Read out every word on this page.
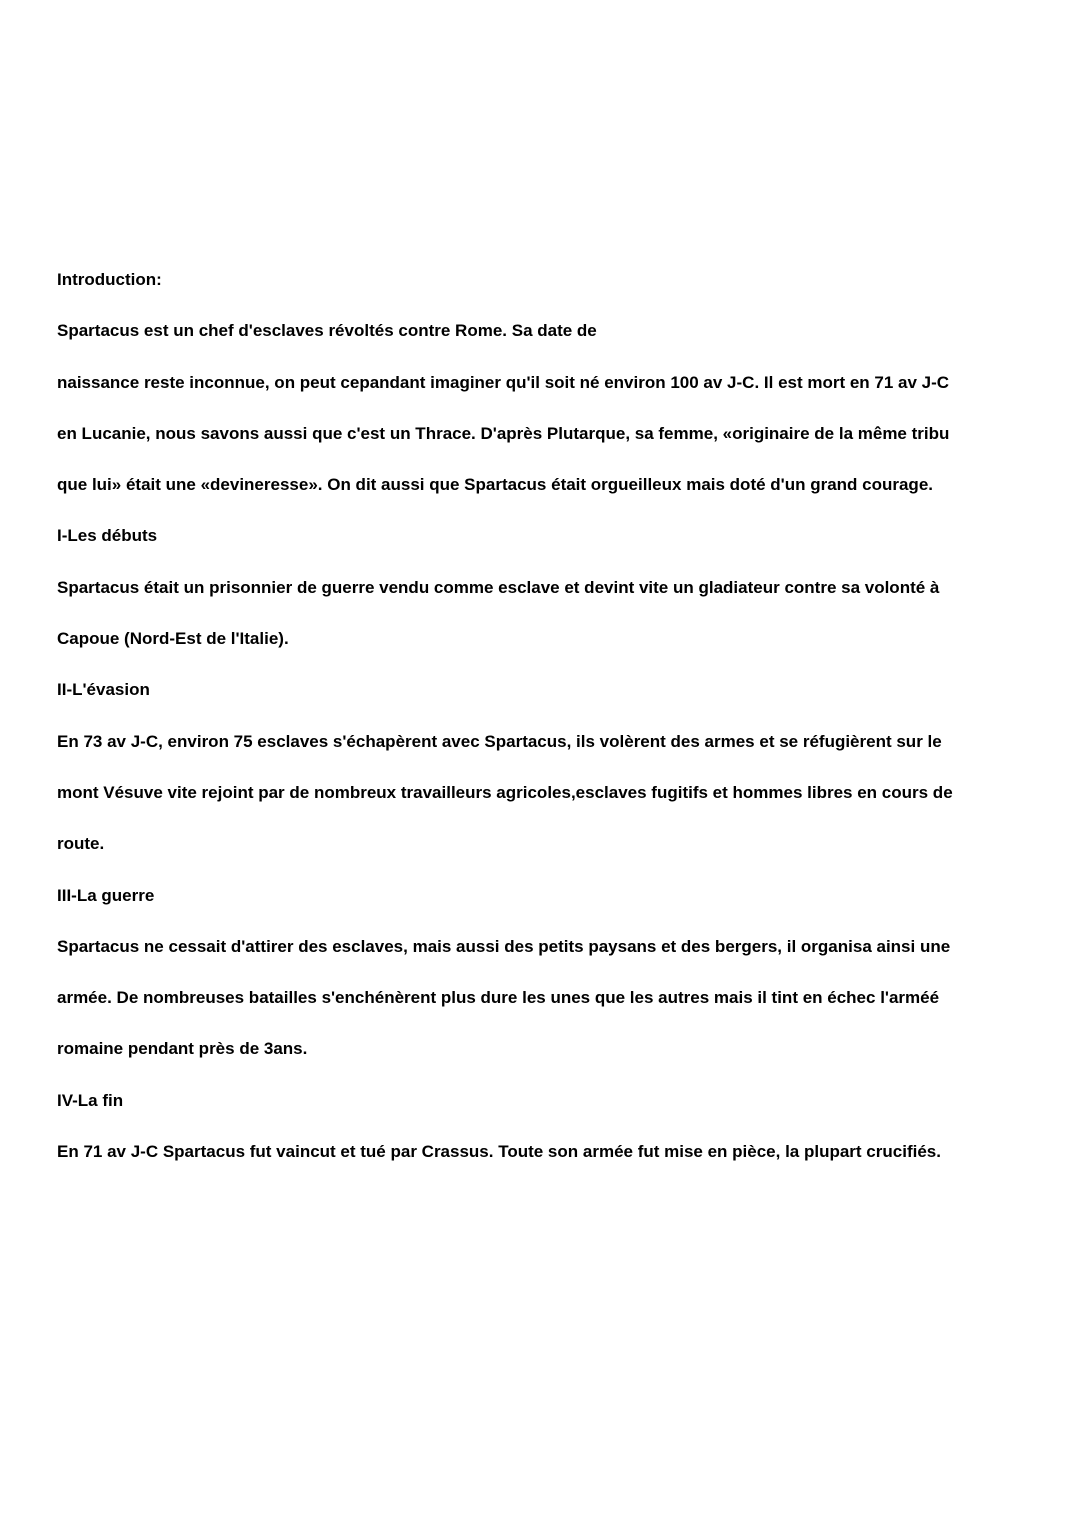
Introduction:

Spartacus est un chef d'esclaves révoltés contre Rome. Sa date de

naissance reste inconnue, on peut cepandant imaginer qu'il soit né environ 100 av J-C. Il est mort en 71 av J-C

en Lucanie, nous savons aussi que c'est un Thrace. D'après Plutarque, sa femme, «originaire de la même tribu

que lui» était une «devineresse». On dit aussi que Spartacus était orgueilleux mais doté d'un grand courage.

I-Les débuts

Spartacus était un prisonnier de guerre vendu comme esclave et devint vite un gladiateur contre sa volonté à

Capoue (Nord-Est de l'Italie).

II-L'évasion

En 73 av J-C, environ 75 esclaves s'échapèrent avec Spartacus, ils volèrent des armes et se réfugièrent sur le

mont Vésuve vite rejoint par de nombreux travailleurs agricoles,esclaves fugitifs et hommes libres en cours de

route.

III-La guerre

Spartacus ne cessait d'attirer des esclaves, mais aussi des petits paysans et des bergers, il organisa ainsi une

armée. De nombreuses batailles s'enchénèrent plus dure les unes que les autres mais il tint en échec l'arméé

romaine pendant près de 3ans.

IV-La fin

En 71 av J-C Spartacus fut vaincut et tué par Crassus. Toute son armée fut mise en pièce, la plupart crucifiés.
